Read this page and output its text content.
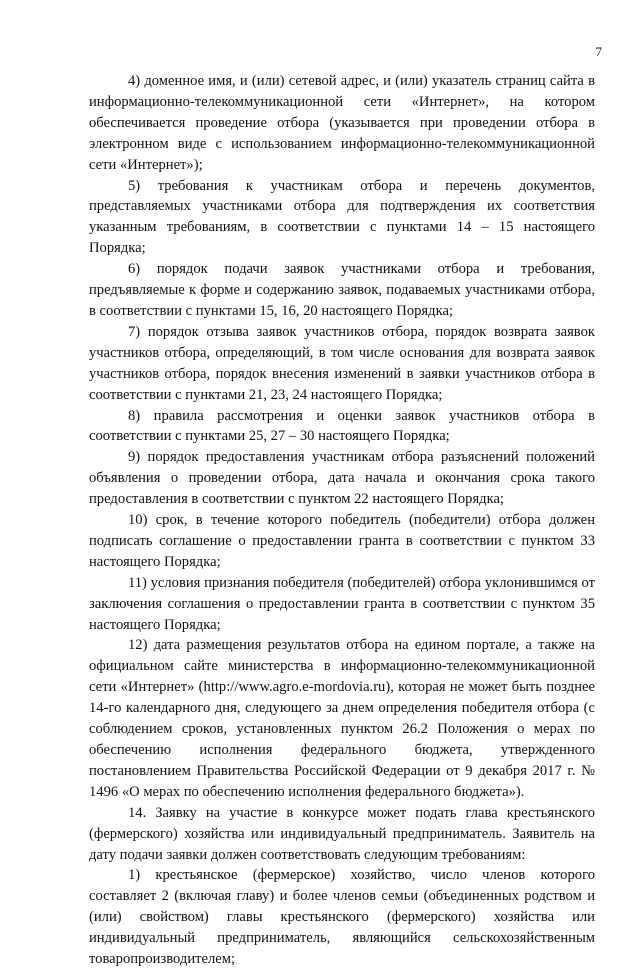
7

4) доменное имя, и (или) сетевой адрес, и (или) указатель страниц сайта в информационно-телекоммуникационной сети «Интернет», на котором обеспечивается проведение отбора (указывается при проведении отбора в электронном виде с использованием информационно-телекоммуникационной сети «Интернет»);

5) требования к участникам отбора и перечень документов, представляемых участниками отбора для подтверждения их соответствия указанным требованиям, в соответствии с пунктами 14 – 15 настоящего Порядка;

6) порядок подачи заявок участниками отбора и требования, предъявляемые к форме и содержанию заявок, подаваемых участниками отбора, в соответствии с пунктами 15, 16, 20 настоящего Порядка;

7) порядок отзыва заявок участников отбора, порядок возврата заявок участников отбора, определяющий, в том числе основания для возврата заявок участников отбора, порядок внесения изменений в заявки участников отбора в соответствии с пунктами 21, 23, 24 настоящего Порядка;

8) правила рассмотрения и оценки заявок участников отбора в соответствии с пунктами 25, 27 – 30 настоящего Порядка;

9) порядок предоставления участникам отбора разъяснений положений объявления о проведении отбора, дата начала и окончания срока такого предоставления в соответствии с пунктом 22 настоящего Порядка;

10) срок, в течение которого победитель (победители) отбора должен подписать соглашение о предоставлении гранта в соответствии с пунктом 33 настоящего Порядка;

11) условия признания победителя (победителей) отбора уклонившимся от заключения соглашения о предоставлении гранта в соответствии с пунктом 35 настоящего Порядка;

12) дата размещения результатов отбора на едином портале, а также на официальном сайте министерства в информационно-телекоммуникационной сети «Интернет» (http://www.agro.e-mordovia.ru), которая не может быть позднее 14-го календарного дня, следующего за днем определения победителя отбора (с соблюдением сроков, установленных пунктом 26.2 Положения о мерах по обеспечению исполнения федерального бюджета, утвержденного постановлением Правительства Российской Федерации от 9 декабря 2017 г. № 1496 «О мерах по обеспечению исполнения федерального бюджета»).

14. Заявку на участие в конкурсе может подать глава крестьянского (фермерского) хозяйства или индивидуальный предприниматель. Заявитель на дату подачи заявки должен соответствовать следующим требованиям:

1) крестьянское (фермерское) хозяйство, число членов которого составляет 2 (включая главу) и более членов семьи (объединенных родством и (или) свойством) главы крестьянского (фермерского) хозяйства или индивидуальный предприниматель, являющийся сельскохозяйственным товаропроизводителем;
